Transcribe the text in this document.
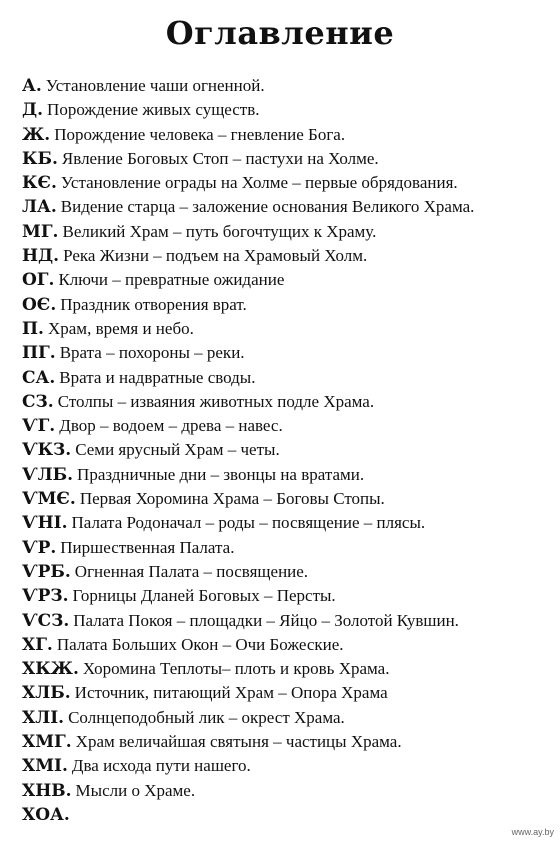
Оглавление
А. Установление чаши огненной.
Д. Порождение живых существ.
Ж. Порождение человека – гневление Бога.
КБ. Явление Боговых Стоп – пастухи на Холме.
КЄ. Установление ограды на Холме – первые обрядования.
ЛА. Видение старца – заложение основания Великого Храма.
МГ. Великий Храм – путь богочтущих к Храму.
НД. Река Жизни – подъем на Храмовый Холм.
ОГ. Ключи – превратные ожидание
ОЄ. Праздник отворения врат.
П. Храм, время и небо.
ПГ. Врата – похороны – реки.
СА. Врата и надвратные своды.
СЗ. Столпы – изваяния животных подле Храма.
ѴГ. Двор – водоем – древа – навес.
ѴКЗ. Семи ярусный Храм – четы.
ѴЛБ. Праздничные дни – звонцы на вратами.
ѴМЄ. Первая Хоромина Храма – Боговы Стопы.
ѴНІ. Палата Родоначал – роды – посвящение – плясы.
ѴР. Пиршественная Палата.
ѴРБ. Огненная Палата – посвящение.
ѴРЗ. Горницы Дланей Боговых – Персты.
ѴСЗ. Палата Покоя – площадки – Яйцо – Золотой Кувшин.
ХГ. Палата Больших Окон – Очи Божеские.
ХКЖ. Хоромина Теплоты– плоть и кровь Храма.
ХЛБ. Источник, питающий Храм – Опора Храма
ХЛІ. Солнцеподобный лик – окрест Храма.
ХМГ. Храм величайшая святыня – частицы Храма.
ХМІ. Два исхода пути нашего.
ХНВ. Мысли о Храме.
ХОА.
www.ay.by
